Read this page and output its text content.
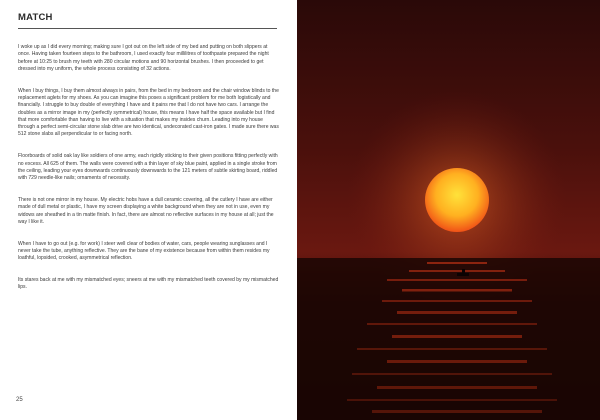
MATCH

I woke up as I did every morning; making sure I got out on the left side of my bed and putting on both slippers at once. Having taken fourteen steps to the bathroom, I used exactly four millilitres of toothpaste prepared the night before at 10:25 to brush my teeth with 280 circular motions and 90 horizontal brushes. I then proceeded to get dressed into my uniform, the whole process consisting of 32 actions.

When I buy things, I buy them almost always in pairs, from the bed in my bedroom and the chair window blinds to the replacement aglets for my shoes. As you can imagine this poses a significant problem for me both logistically and financially. I struggle to buy double of everything I have and it pains me that I do not have two cars. I arrange the doubles as a mirror image in my (perfectly symmetrical) house, this means I have half the space available but I find that more comfortable than having to live with a situation that makes my insides churn. Leading into my house through a perfect semi-circular stone slab drive are two identical, undecorated cast-iron gates. I made sure there was 512 stone slabs all perpendicular to or facing north.

Floorboards of solid oak lay like soldiers of one army, each rigidly sticking to their given positions fitting perfectly with no excess. All 625 of them. The walls were covered with a thin layer of sky blue paint, applied in a single stroke from the ceiling, leading your eyes downwards continuously downwards to the 121 meters of subtle skirting board, riddled with 729 needle-like nails; ornaments of necessity.

There is not one mirror in my house. My electric hobs have a dull ceramic covering, all the cutlery I have are either made of dull metal or plastic, I have my screen displaying a white background when they are not in use, even my widows are sheathed in a tin matte finish. In fact, there are almost no reflective surfaces in my house at all; just the way I like it.

When I have to go out (e.g. for work) I steer well clear of bodies of water, cars, people wearing sunglasses and I never take the tube, anything reflective. They are the bane of my existence because from within them resides my loathful, lopsided, crooked, asymmetrical reflection.

Its stares back at me with my mismatched eyes; sneers at me with my mismatched teeth covered by my mismatched lips.

25
